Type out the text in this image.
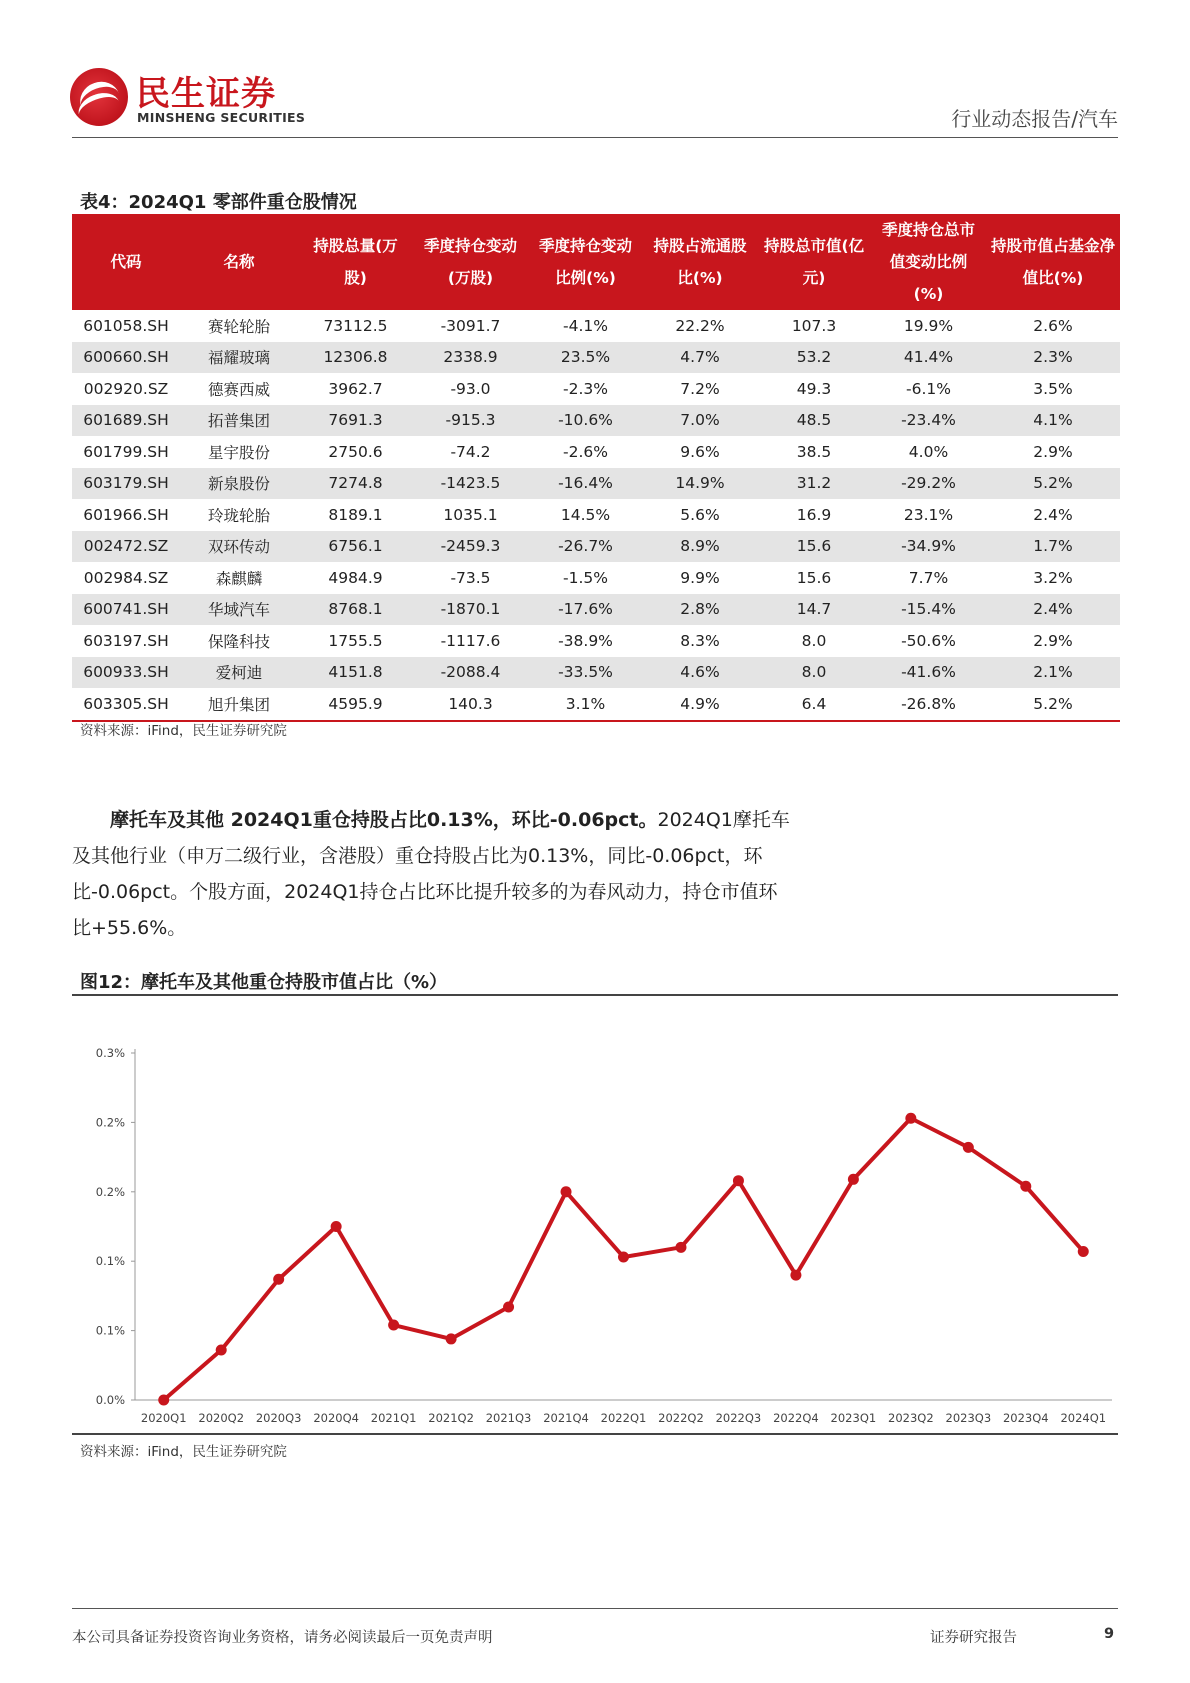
民生证券
MINSHENG SECURITIES	行业动态报告/汽车
表4：2024Q1 零部件重仓股情况
代码	名称	持股总量(万股)	季度持仓变动(万股)	季度持仓变动比例(%)	持股占流通股比(%)	持股总市值(亿元)	季度持仓总市值变动比例(%)	持股市值占基金净值比(%)
601058.SH	赛轮轮胎	73112.5	-3091.7	-4.1%	22.2%	107.3	19.9%	2.6%
600660.SH	福耀玻璃	12306.8	2338.9	23.5%	4.7%	53.2	41.4%	2.3%
002920.SZ	德赛西威	3962.7	-93.0	-2.3%	7.2%	49.3	-6.1%	3.5%
601689.SH	拓普集团	7691.3	-915.3	-10.6%	7.0%	48.5	-23.4%	4.1%
601799.SH	星宇股份	2750.6	-74.2	-2.6%	9.6%	38.5	4.0%	2.9%
603179.SH	新泉股份	7274.8	-1423.5	-16.4%	14.9%	31.2	-29.2%	5.2%
601966.SH	玲珑轮胎	8189.1	1035.1	14.5%	5.6%	16.9	23.1%	2.4%
002472.SZ	双环传动	6756.1	-2459.3	-26.7%	8.9%	15.6	-34.9%	1.7%
002984.SZ	森麒麟	4984.9	-73.5	-1.5%	9.9%	15.6	7.7%	3.2%
600741.SH	华域汽车	8768.1	-1870.1	-17.6%	2.8%	14.7	-15.4%	2.4%
603197.SH	保隆科技	1755.5	-1117.6	-38.9%	8.3%	8.0	-50.6%	2.9%
600933.SH	爱柯迪	4151.8	-2088.4	-33.5%	4.6%	8.0	-41.6%	2.1%
603305.SH	旭升集团	4595.9	140.3	3.1%	4.9%	6.4	-26.8%	5.2%
资料来源：iFind，民生证券研究院
摩托车及其他 2024Q1重仓持股占比0.13%，环比-0.06pct。2024Q1摩托车及其他行业（申万二级行业，含港股）重仓持股占比为0.13%，同比-0.06pct，环比-0.06pct。个股方面，2024Q1持仓占比环比提升较多的为春风动力，持仓市值环比+55.6%。
图12：摩托车及其他重仓持股市值占比（%）
0.0%
0.1%
0.1%
0.2%
0.2%
0.3%
2020Q1 2020Q2 2020Q3 2020Q4 2021Q1 2021Q2 2021Q3 2021Q4 2022Q1 2022Q2 2022Q3 2022Q4 2023Q1 2023Q2 2023Q3 2023Q4 2024Q1
资料来源：iFind，民生证券研究院
本公司具备证券投资咨询业务资格，请务必阅读最后一页免责声明	证券研究报告	9
